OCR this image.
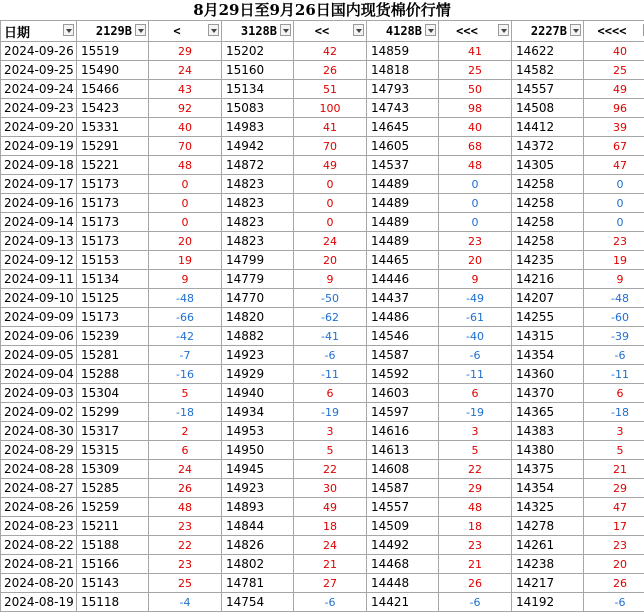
8月29日至9月26日国内现货棉价行情
日期	2129B	<	3128B	<<	4128B	<<<	2227B	<<<<

2024-09-26	15519	29	15202	42	14859	41	14622	40
2024-09-25	15490	24	15160	26	14818	25	14582	25
2024-09-24	15466	43	15134	51	14793	50	14557	49
2024-09-23	15423	92	15083	100	14743	98	14508	96
2024-09-20	15331	40	14983	41	14645	40	14412	39
2024-09-19	15291	70	14942	70	14605	68	14372	67
2024-09-18	15221	48	14872	49	14537	48	14305	47
2024-09-17	15173	0	14823	0	14489	0	14258	0
2024-09-16	15173	0	14823	0	14489	0	14258	0
2024-09-14	15173	0	14823	0	14489	0	14258	0
2024-09-13	15173	20	14823	24	14489	23	14258	23
2024-09-12	15153	19	14799	20	14465	20	14235	19
2024-09-11	15134	9	14779	9	14446	9	14216	9
2024-09-10	15125	-48	14770	-50	14437	-49	14207	-48
2024-09-09	15173	-66	14820	-62	14486	-61	14255	-60
2024-09-06	15239	-42	14882	-41	14546	-40	14315	-39
2024-09-05	15281	-7	14923	-6	14587	-6	14354	-6
2024-09-04	15288	-16	14929	-11	14592	-11	14360	-11
2024-09-03	15304	5	14940	6	14603	6	14370	6
2024-09-02	15299	-18	14934	-19	14597	-19	14365	-18
2024-08-30	15317	2	14953	3	14616	3	14383	3
2024-08-29	15315	6	14950	5	14613	5	14380	5
2024-08-28	15309	24	14945	22	14608	22	14375	21
2024-08-27	15285	26	14923	30	14587	29	14354	29
2024-08-26	15259	48	14893	49	14557	48	14325	47
2024-08-23	15211	23	14844	18	14509	18	14278	17
2024-08-22	15188	22	14826	24	14492	23	14261	23
2024-08-21	15166	23	14802	21	14468	21	14238	20
2024-08-20	15143	25	14781	27	14448	26	14217	26
2024-08-19	15118	-4	14754	-6	14421	-6	14192	-6
